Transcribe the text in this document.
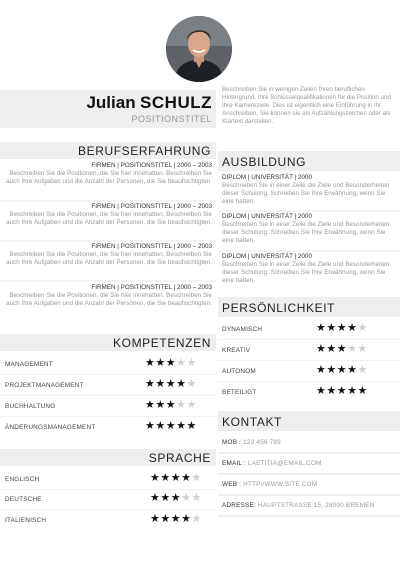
Julian SCHULZ
POSITIONSTITEL
Beschreiben Sie in wenigen Zeilen Ihren beruflichen Hintergrund, Ihre Schlüsselqualifikationen für die Position und Ihre Karriereziele. Dies ist eigentlich eine Einführung in Ihr Anschreiben. Sie können sie als Aufzählungszeichen oder als Klartext darstellen.
BERUFSERFAHRUNG
FIRMEN | POSITIONSTITEL | 2000 – 2003
Beschreiben Sie die Positionen, die Sie hier innehatten. Beschreiben Sie auch Ihre Aufgaben und die Anzahl der Personen, die Sie beaufsichtigten.
FIRMEN | POSITIONSTITEL | 2000 – 2003
Beschreiben Sie die Positionen, die Sie hier innehatten. Beschreiben Sie auch Ihre Aufgaben und die Anzahl der Personen, die Sie beaufsichtigten.
FIRMEN | POSITIONSTITEL | 2000 – 2003
Beschreiben Sie die Positionen, die Sie hier innehatten. Beschreiben Sie auch Ihre Aufgaben und die Anzahl der Personen, die Sie beaufsichtigten.
FIRMEN | POSITIONSTITEL | 2000 – 2003
Beschreiben Sie die Positionen, die Sie hier innehatten. Beschreiben Sie auch Ihre Aufgaben und die Anzahl der Personen, die Sie beaufsichtigten.
KOMPETENZEN
MANAGEMENT	★★★★★
PROJEKTMANAGEMENT	★★★★★
BUCHHALTUNG	★★★★★
ÄNDERUNGSMANAGEMENT	★★★★★
SPRACHE
ENGLISCH	★★★★★
DEUTSCHE	★★★★★
ITALIENISCH	★★★★★
AUSBILDUNG
DIPLOM | UNIVERSITÄT | 2000
Beschreiben Sie in einer Zeile die Ziele und Besonderheiten dieser Schulung. Schreiben Sie Ihre Erwähnung, wenn Sie eine hatten.
DIPLOM | UNIVERSITÄT | 2000
Beschreiben Sie in einer Zeile die Ziele und Besonderheiten dieser Schulung. Schreiben Sie Ihre Erwähnung, wenn Sie eine hatten.
DIPLOM | UNIVERSITÄT | 2000
Beschreiben Sie in einer Zeile die Ziele und Besonderheiten dieser Schulung. Schreiben Sie Ihre Erwähnung, wenn Sie eine hatten.
PERSÖNLICHKEIT
DYNAMISCH	★★★★★
KREATIV	★★★★★
AUTONOM	★★★★★
BETEILIGT	★★★★★
KONTAKT
MOB : 123 456 789
EMAIL : LAETITIA@EMAIL.COM
WEB : HTTP//WWW.SITE.COM
ADRESSE: HAUPTSTRASSE 15, 28000 BREMEN
